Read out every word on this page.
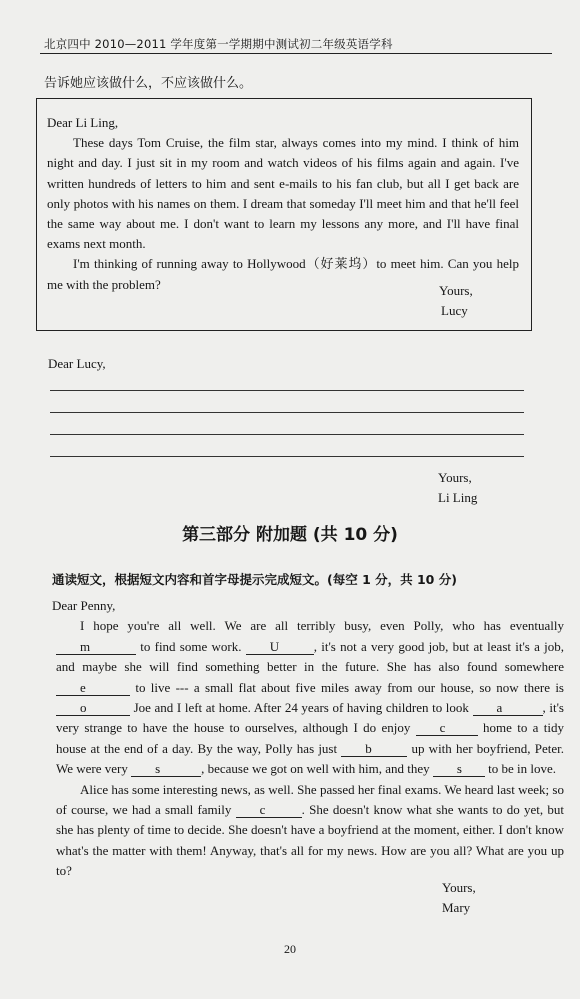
北京四中 2010—2011 学年度第一学期期中测试初二年级英语学科
告诉她应该做什么，不应该做什么。

Dear Li Ling,

These days Tom Cruise, the film star, always comes into my mind. I think of him night and day. I just sit in my room and watch videos of his films again and again. I've written hundreds of letters to him and sent e-mails to his fan club, but all I get back are only photos with his names on them. I dream that someday I'll meet him and that he'll feel the same way about me. I don't want to learn my lessons any more, and I'll have final exams next month.

I'm thinking of running away to Hollywood（好莱坞）to meet him. Can you help me with the problem?	Yours,
Lucy
Dear Lucy,
Yours,
Li Ling
第三部分 附加题 (共 10 分)
通读短文，根据短文内容和首字母提示完成短文。(每空 1 分，共 10 分)

Dear Penny,

I hope you're all well. We are all terribly busy, even Polly, who has eventually m	to find some work. U	, it's not a very good job, but at least it's a job, and maybe she will find something better in the future. She has also found somewhere e	to live --- a small flat about five miles away from our house, so now there is o	Joe and I left at home. After 24 years of having children to look a	, it's very strange to have the house to ourselves, although I do enjoy c home to a tidy house at the end of a day. By the way, Polly has just b	up with her boyfriend, Peter. We were very s	, because we got on well with him, and they s to be in love.

Alice has some interesting news, as well. She passed her final exams. We heard last week; so of course, we had a small family c	. She doesn't know what she wants to do yet, but she has plenty of time to decide. She doesn't have a boyfriend at the moment, either. I don't know what's the matter with them! Anyway, that's all for my news. How are you all? What are you up to?

Yours,
Mary
20
